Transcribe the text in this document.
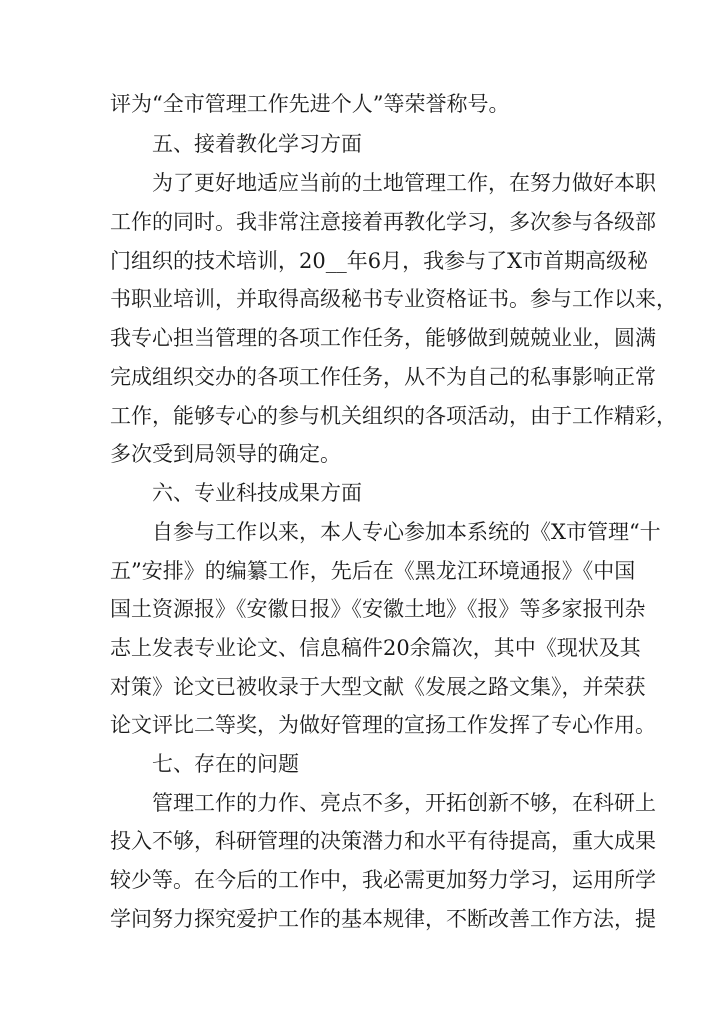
评为“全市管理工作先进个人”等荣誉称号。
五、接着教化学习方面
为了更好地适应当前的土地管理工作，在努力做好本职
工作的同时。我非常注意接着再教化学习，多次参与各级部
门组织的技术培训，20__年6月，我参与了X市首期高级秘
书职业培训，并取得高级秘书专业资格证书。参与工作以来，
我专心担当管理的各项工作任务，能够做到兢兢业业，圆满
完成组织交办的各项工作任务，从不为自己的私事影响正常
工作，能够专心的参与机关组织的各项活动，由于工作精彩，
多次受到局领导的确定。
六、专业科技成果方面
自参与工作以来，本人专心参加本系统的《X市管理“十
五”安排》的编纂工作，先后在《黑龙江环境通报》《中国
国土资源报》《安徽日报》《安徽土地》《报》等多家报刊杂
志上发表专业论文、信息稿件20余篇次，其中《现状及其
对策》论文已被收录于大型文献《发展之路文集》，并荣获
论文评比二等奖，为做好管理的宣扬工作发挥了专心作用。
七、存在的问题
管理工作的力作、亮点不多，开拓创新不够，在科研上
投入不够，科研管理的决策潜力和水平有待提高，重大成果
较少等。在今后的工作中，我必需更加努力学习，运用所学
学问努力探究爱护工作的基本规律，不断改善工作方法，提
